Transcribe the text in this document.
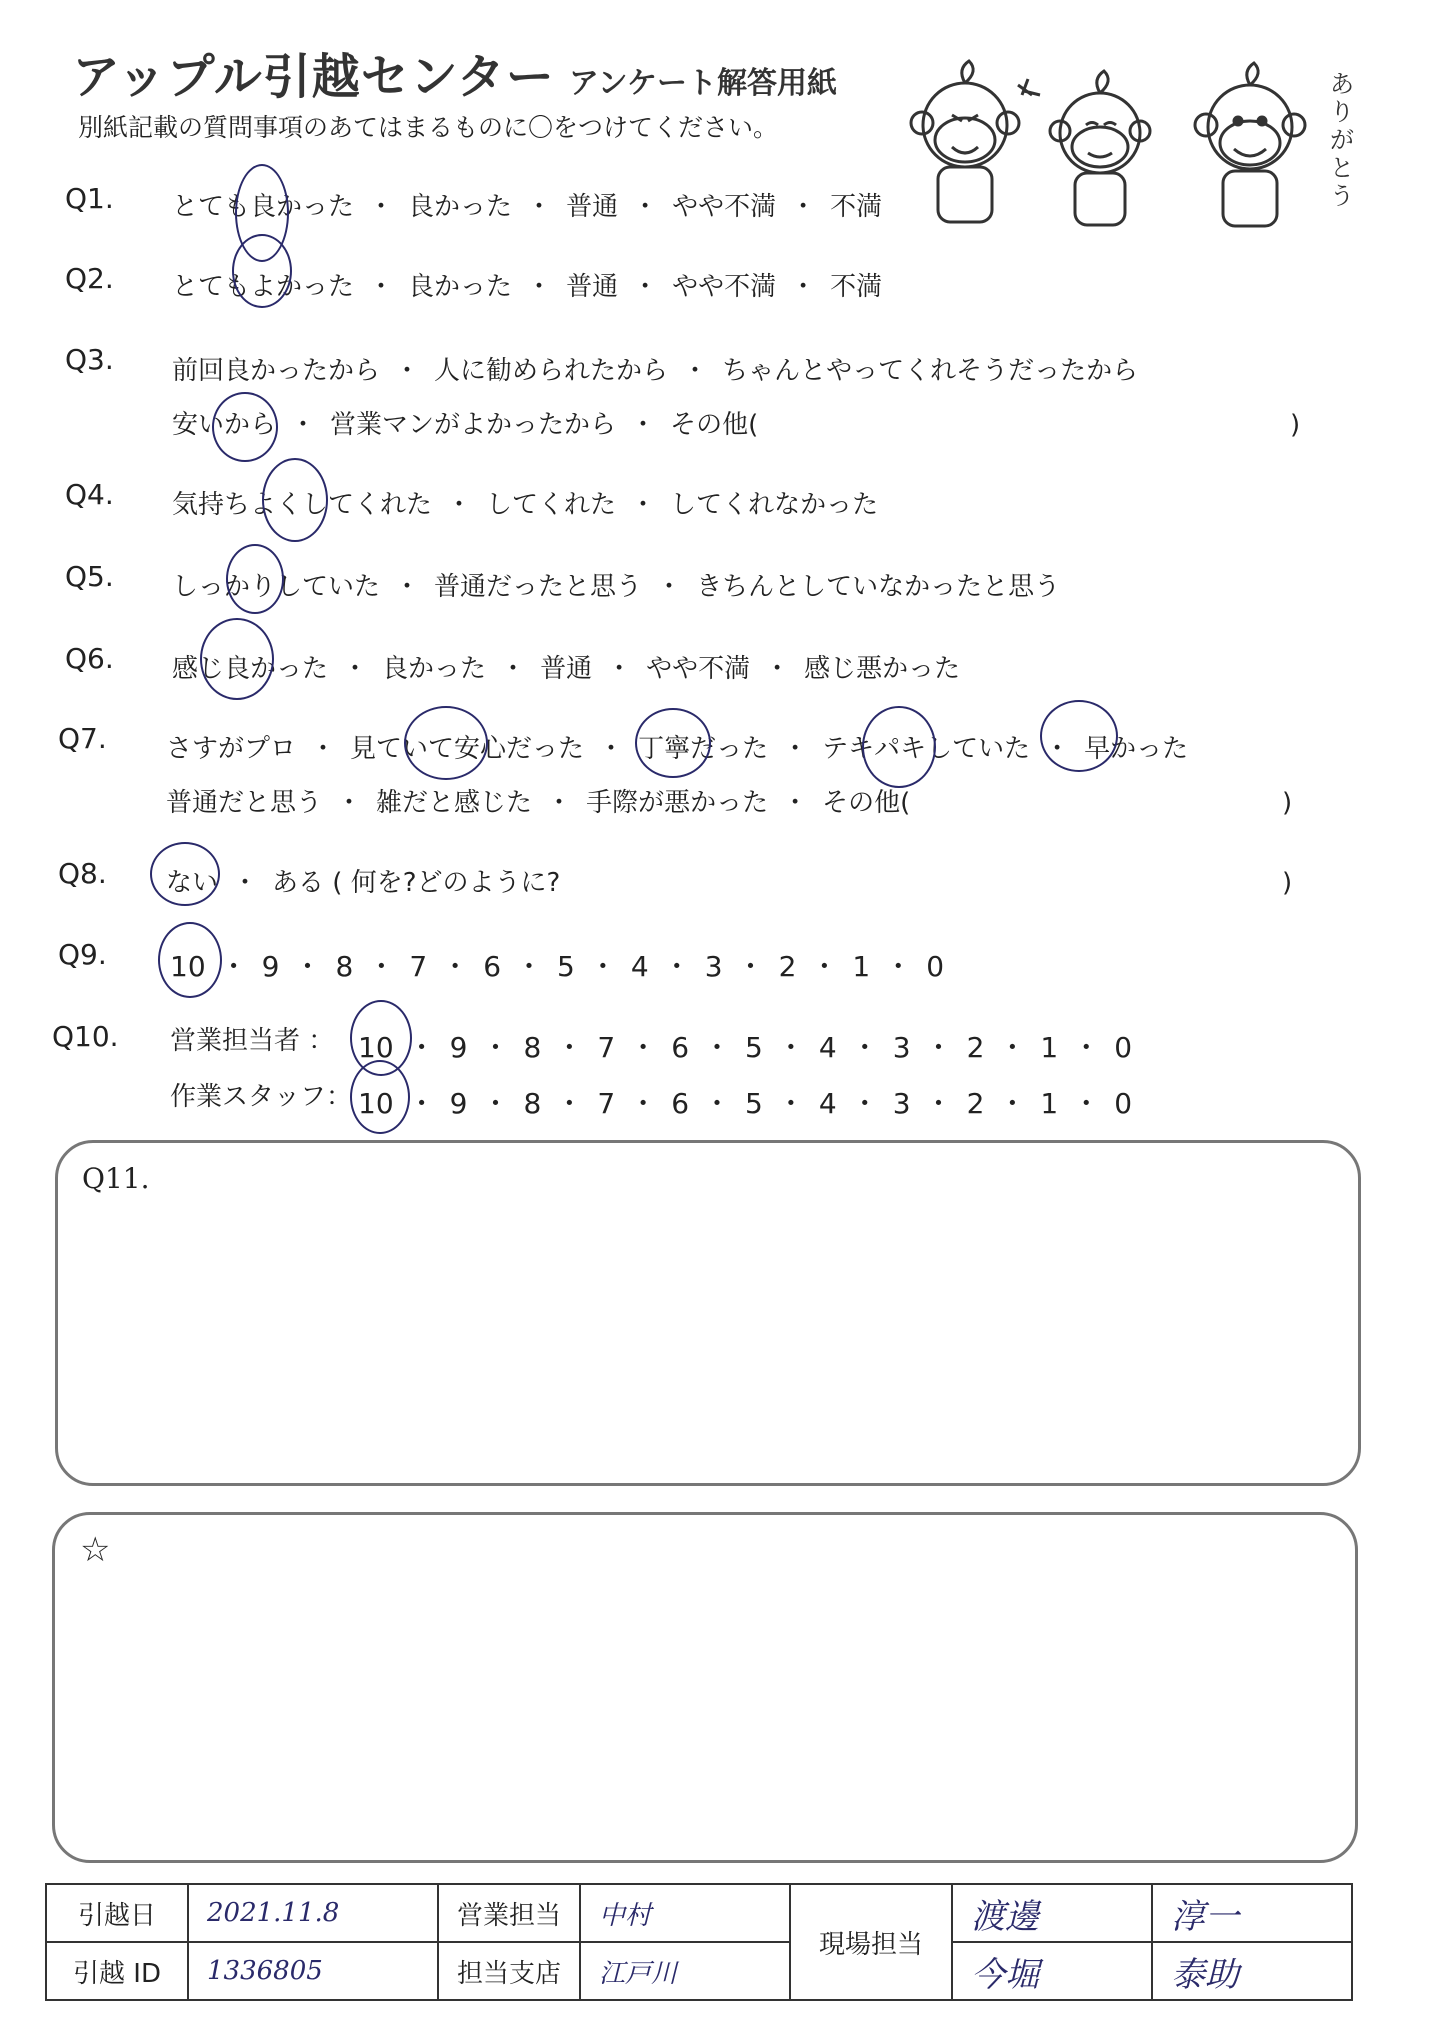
アップル引越センター アンケート解答用紙
別紙記載の質問事項のあてはまるものに〇をつけてください。
ありがとう
Q1. とても良かった ・ 良かった ・ 普通 ・ やや不満 ・ 不満
Q2. とてもよかった ・ 良かった ・ 普通 ・ やや不満 ・ 不満
Q3. 前回良かったから ・ 人に勧められたから ・ ちゃんとやってくれそうだったから
安いから ・ 営業マンがよかったから ・ その他(	)
Q4. 気持ちよくしてくれた ・ してくれた ・ してくれなかった
Q5. しっかりしていた ・ 普通だったと思う ・ きちんとしていなかったと思う
Q6. 感じ良かった ・ 良かった ・ 普通 ・ やや不満 ・ 感じ悪かった
Q7. さすがプロ ・ 見ていて安心だった ・ 丁寧だった ・ テキパキしていた ・ 早かった
普通だと思う ・ 雑だと感じた ・ 手際が悪かった ・ その他(	)
Q8. ない ・ ある ( 何を?どのように?	)
Q9. 10 ・ 9 ・ 8 ・ 7 ・ 6 ・ 5 ・ 4 ・ 3 ・ 2 ・ 1 ・ 0
Q10. 営業担当者 ： 10 ・ 9 ・ 8 ・ 7 ・ 6 ・ 5 ・ 4 ・ 3 ・ 2 ・ 1 ・ 0
作業スタッフ： 10 ・ 9 ・ 8 ・ 7 ・ 6 ・ 5 ・ 4 ・ 3 ・ 2 ・ 1 ・ 0
Q11.
☆
引越日	2021.11.8	営業担当	中村	現場担当	渡邊	淳一
引越 ID	1336805	担当支店	江戸川		今堀	泰助
